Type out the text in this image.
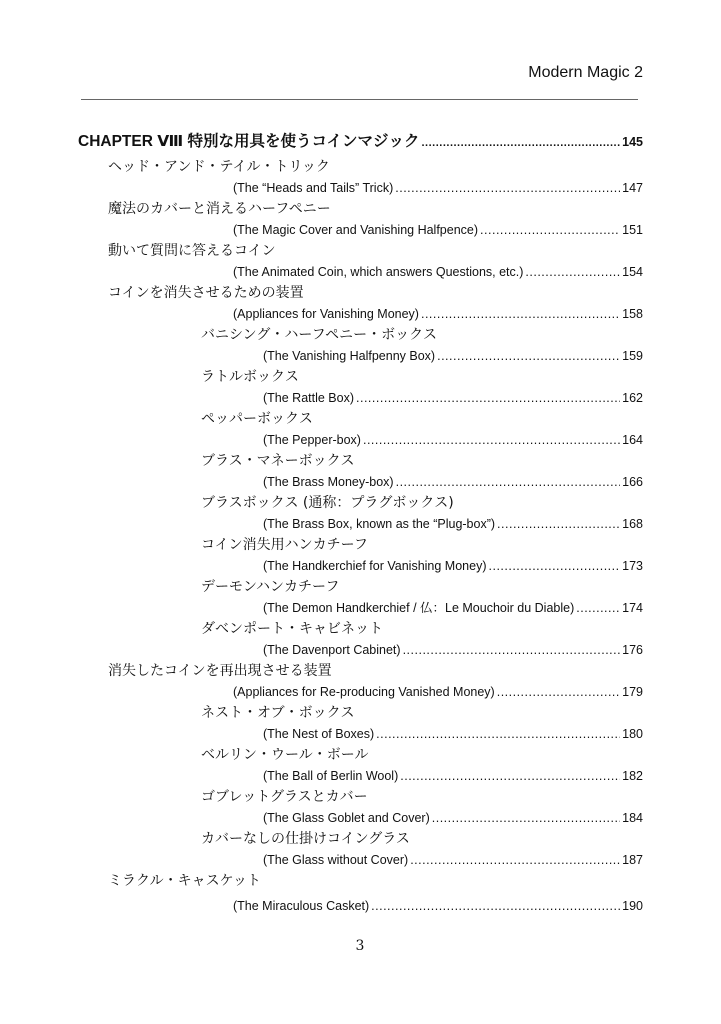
Modern Magic 2
CHAPTER Ⅷ 特別な用具を使うコインマジック .....	145
ヘッド・アンド・テイル・トリック
(The “Heads and Tails” Trick) .....	147
魔法のカバーと消えるハーフペニー
(The Magic Cover and Vanishing Halfpence) .....	151
動いて質問に答えるコイン
(The Animated Coin, which answers Questions, etc.) .....	154
コインを消失させるための装置
(Appliances for Vanishing Money) .....	158
バニシング・ハーフペニー・ボックス
(The Vanishing Halfpenny Box) .....	159
ラトルボックス
(The Rattle Box) .....	162
ペッパーボックス
(The Pepper-box) .....	164
ブラス・マネーボックス
(The Brass Money-box) .....	166
ブラスボックス (通称：プラグボックス)
(The Brass Box, known as the “Plug-box”) .....	168
コイン消失用ハンカチーフ
(The Handkerchief for Vanishing Money) .....	173
デーモンハンカチーフ
(The Demon Handkerchief / 仏：Le Mouchoir du Diable) .....	174
ダベンポート・キャビネット
(The Davenport Cabinet) .....	176
消失したコインを再出現させる装置
(Appliances for Re-producing Vanished Money) .....	179
ネスト・オブ・ボックス
(The Nest of Boxes) .....	180
ベルリン・ウール・ボール
(The Ball of Berlin Wool) .....	182
ゴブレットグラスとカバー
(The Glass Goblet and Cover) .....	184
カバーなしの仕掛けコイングラス
(The Glass without Cover) .....	187
ミラクル・キャスケット
(The Miraculous Casket) .....	190
3
